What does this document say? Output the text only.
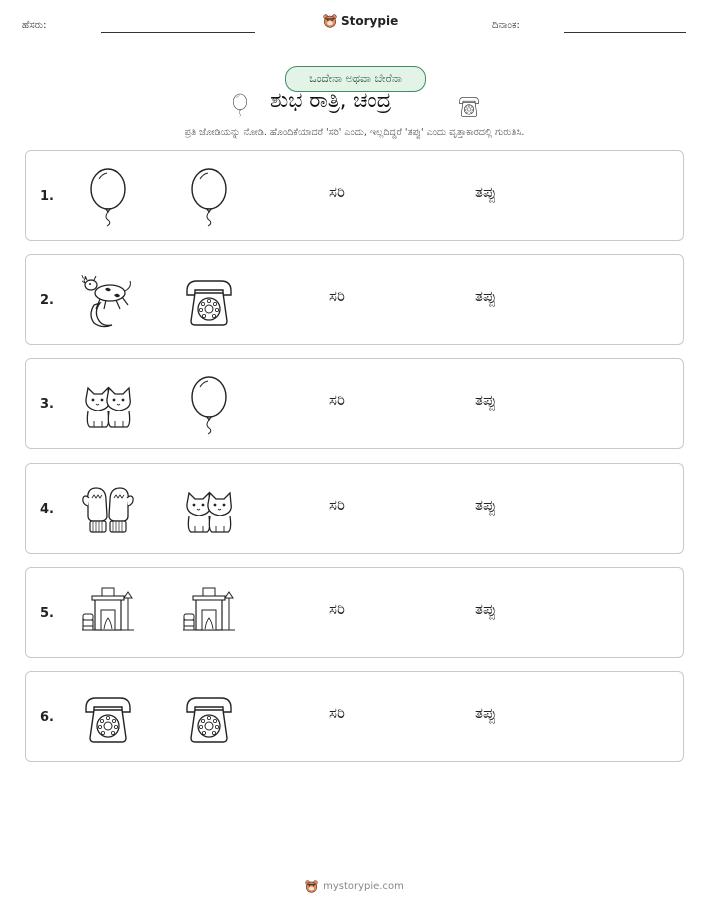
ಹೆಸರು:	Storypie	ದಿನಾಂಕ:
ಒಂದೇನಾ ಅಥವಾ ಬೇರೆನಾ
ಶುಭ ರಾತ್ರಿ, ಚಂದ್ರ
ಪ್ರತಿ ಜೋಡಿಯನ್ನು ನೋಡಿ. ಹೊಂದಿಕೆಯಾದರೆ 'ಸರಿ' ಎಂದು, ಇಲ್ಲದಿದ್ದರೆ 'ತಪ್ಪು' ಎಂದು ವೃತ್ತಾಕಾರದಲ್ಲಿ ಗುರುತಿಸಿ.
1.	ಸರಿ	ತಪ್ಪು
2.	ಸರಿ	ತಪ್ಪು
3.	ಸರಿ	ತಪ್ಪು
4.	ಸರಿ	ತಪ್ಪು
5.	ಸರಿ	ತಪ್ಪು
6.	ಸರಿ	ತಪ್ಪು
mystorypie.com
